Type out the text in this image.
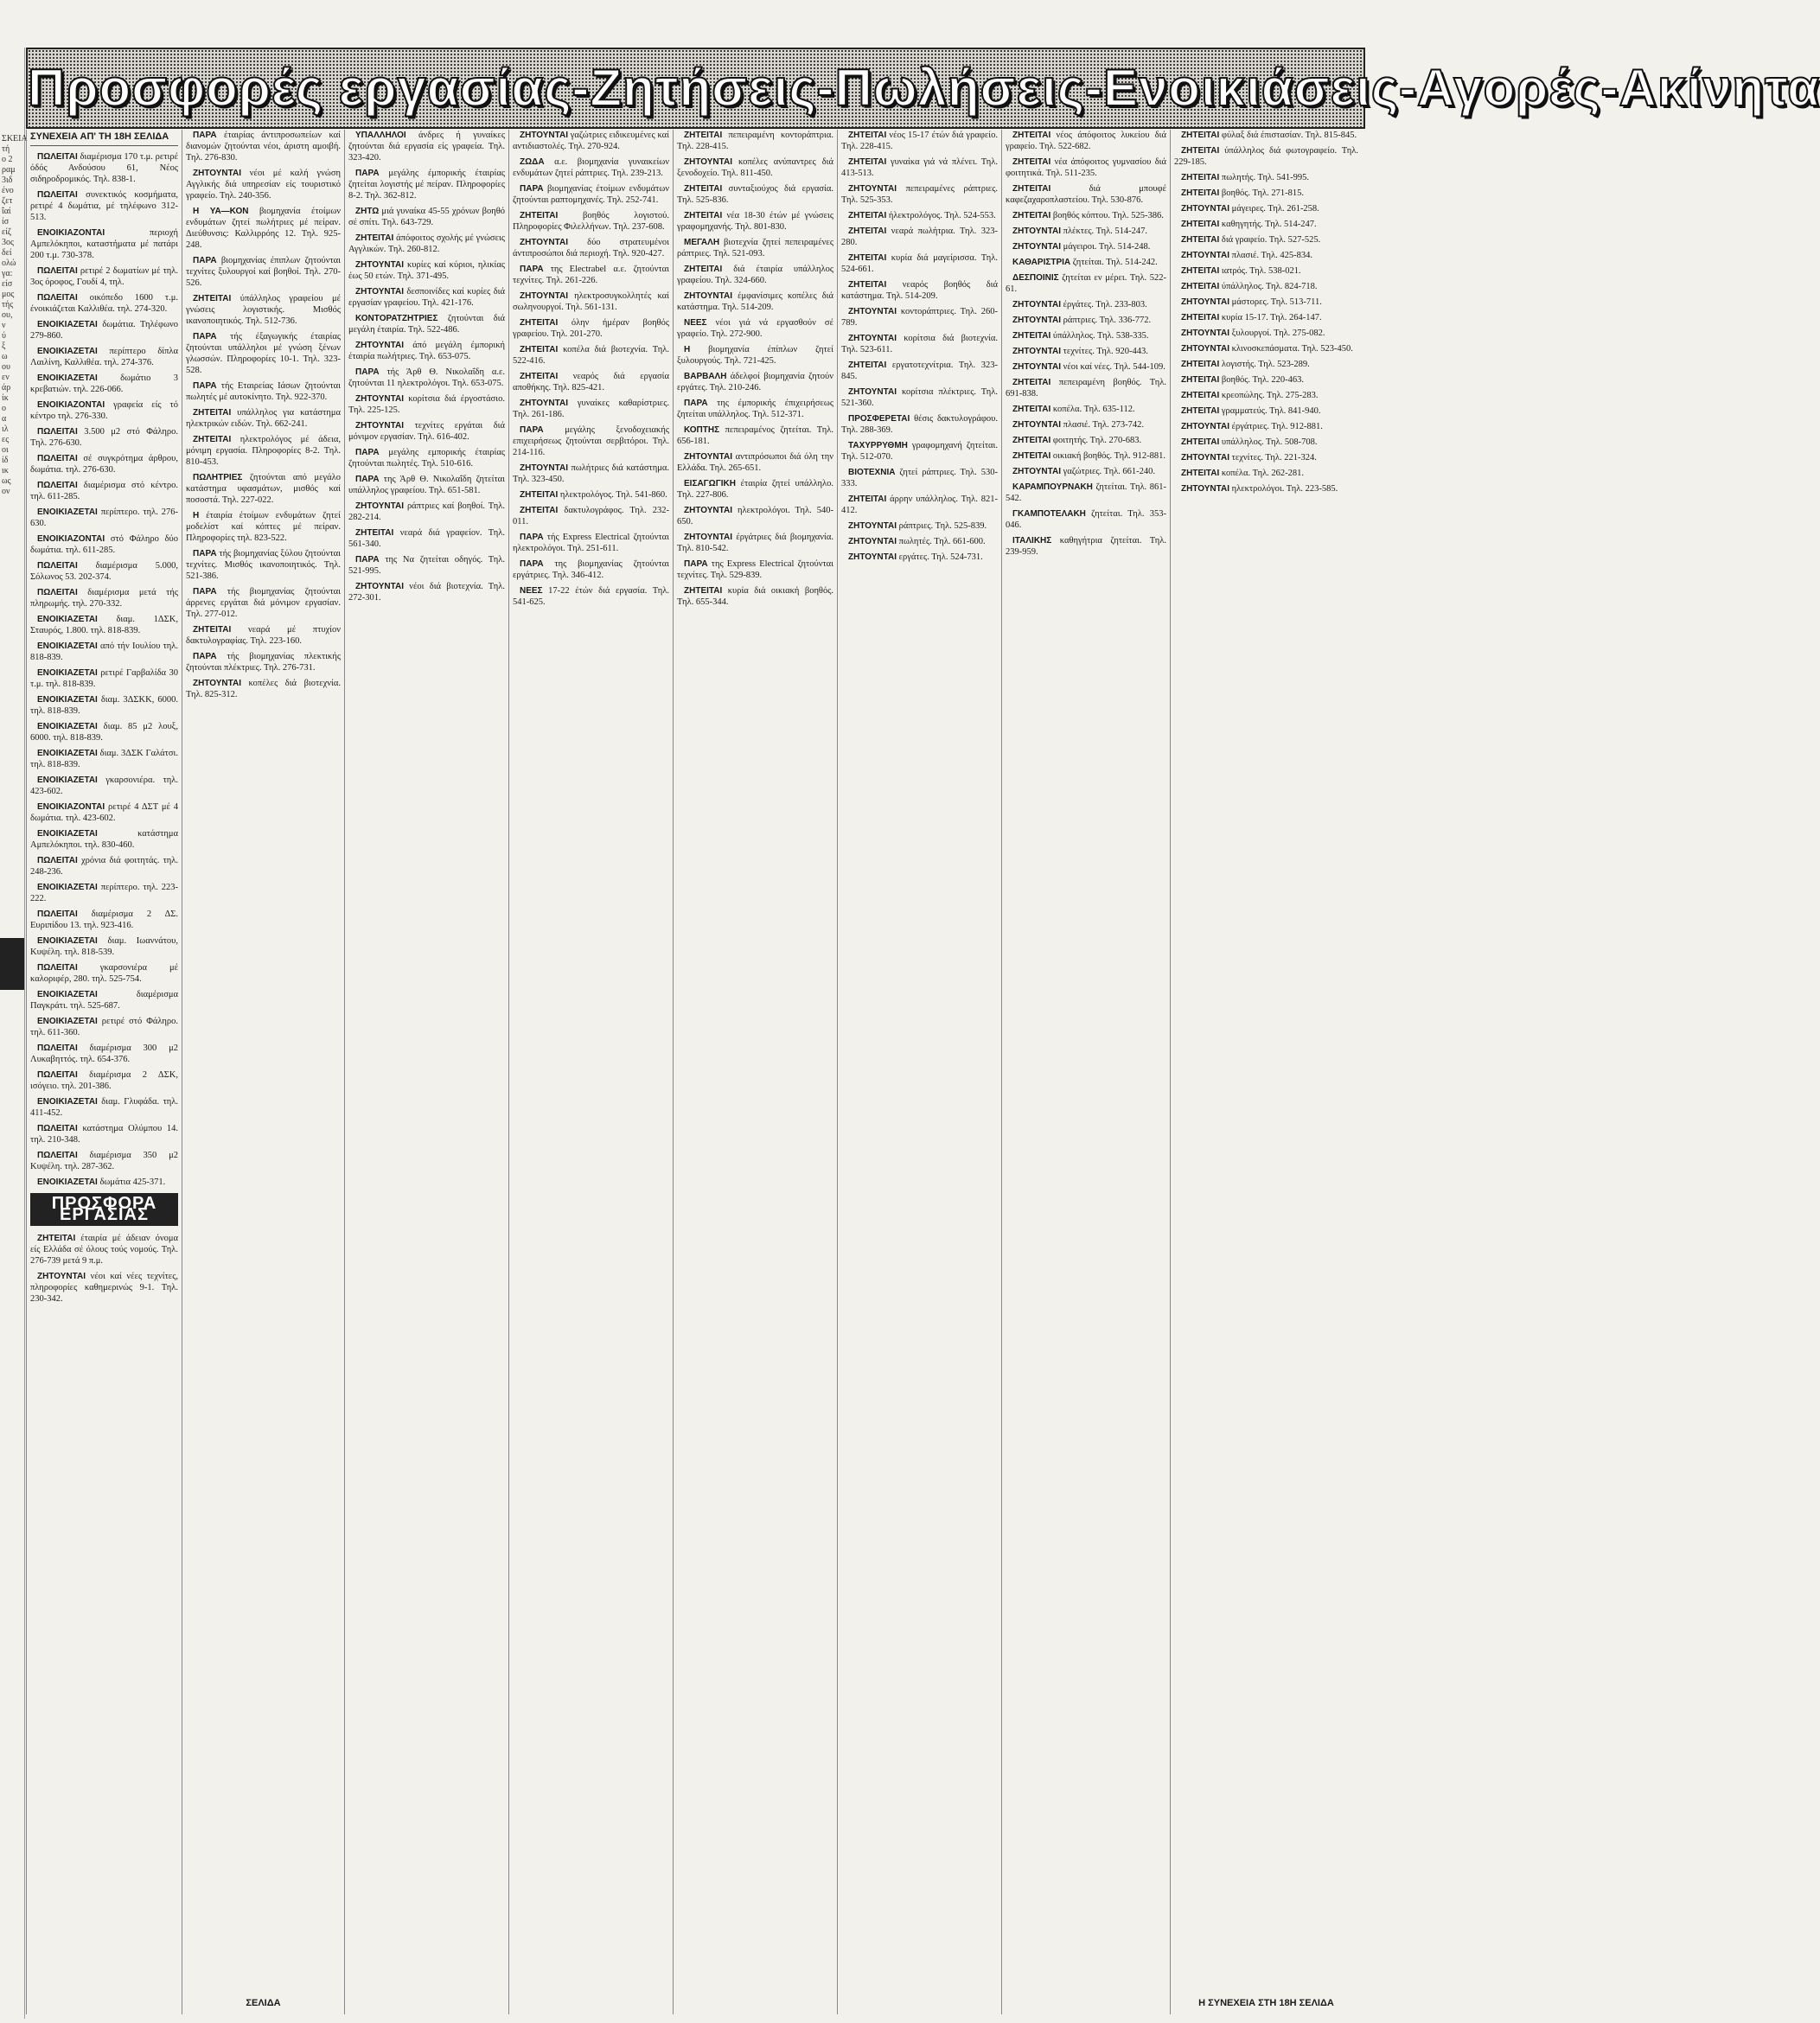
Προσφορές εργασίας-Ζητήσεις-Πωλήσεις-Ενοικιάσεις-Αγορές-Ακίνητα
ΣΚΕΙΑ
τή
ο 2
ραμ
3ιδ
ένο
ζετ
ΐαί
ίσ
είζ
3ος
δεί
ολώ
γα:
είσ
μος
τής
ου,
ν
ύ
ξ
ω
ου
εν
άρ
ίκ
ο
α
ιλ
ες
οι
ίδ
ικ
ως
ον
ΣΥΝΕΧΕΙΑ ΑΠ' ΤΗ 18Η ΣΕΛΙΔΑ

ΠΩΛΕΙΤΑΙ διαμέρισμα 170 τ.μ. ρετιρέ όδός Ανδούσου 61, Νέος σιδηροδρομικός. Τηλ. 838-1.

ΠΩΛΕΙΤΑΙ συνεκτικός κοσμήματα, ρετιρέ 4 δωμάτια, μέ τηλέφωνο 312-513.

ΕΝΟΙΚΙΑΖΟΝΤΑΙ περιοχή Αμπελόκηποι, καταστήματα μέ πατάρι 200 τ.μ. 730-378.

ΠΩΛΕΙΤΑΙ ρετιρέ 2 δωματίων μέ τηλ. 3ος όροφος, Γουδί 4, τηλ.

ΠΩΛΕΙΤΑΙ οικόπεδο 1600 τ.μ. ένοικιάζεται Καλλιθέα. τηλ. 274-320.

ΕΝΟΙΚΙΑΖΕΤΑΙ δωμάτια. Τηλέφωνο 279-860.

ΕΝΟΙΚΙΑΖΕΤΑΙ περίπτερο δίπλα Λαιλίνη, Καλλιθέα. τηλ. 274-376.

ΕΝΟΙΚΙΑΖΕΤΑΙ δωμάτιο 3 κρεβατιών. τηλ. 226-066.

ΕΝΟΙΚΙΑΖΟΝΤΑΙ γραφεία είς τό κέντρο τηλ. 276-330.

ΠΩΛΕΙΤΑΙ 3.500 μ2 στό Φάληρο. Τηλ. 276-630.

ΠΩΛΕΙΤΑΙ σέ συγκρότημα άρθρου, δωμάτια. τηλ. 276-630.

ΠΩΛΕΙΤΑΙ διαμέρισμα στό κέντρο. τηλ. 611-285.

ΕΝΟΙΚΙΑΖΕΤΑΙ περίπτερο. τηλ. 276-630.

ΕΝΟΙΚΙΑΖΟΝΤΑΙ στό Φάληρο δύο δωμάτια. τηλ. 611-285.

ΠΩΛΕΙΤΑΙ διαμέρισμα 5.000, Σόλωνος 53. 202-374.

ΠΩΛΕΙΤΑΙ διαμέρισμα μετά τής πληρωμής. τηλ. 270-332.

ΕΝΟΙΚΙΑΖΕΤΑΙ διαμ. 1ΔΣΚ, Σταυρός, 1.800. τηλ. 818-839.

ΕΝΟΙΚΙΑΖΕΤΑΙ από τήν Ιουλίου τηλ. 818-839.

ΕΝΟΙΚΙΑΖΕΤΑΙ ρετιρέ Γαρβαλίδα 30 τ.μ. τηλ. 818-839.

ΕΝΟΙΚΙΑΖΕΤΑΙ διαμ. 3ΔΣΚΚ, 6000. τηλ. 818-839.

ΕΝΟΙΚΙΑΖΕΤΑΙ διαμ. 85 μ2 λουξ, 6000. τηλ. 818-839.

ΕΝΟΙΚΙΑΖΕΤΑΙ διαμ. 3ΔΣΚ Γαλάτσι. τηλ. 818-839.

ΕΝΟΙΚΙΑΖΕΤΑΙ γκαρσονιέρα. τηλ. 423-602.

ΕΝΟΙΚΙΑΖΟΝΤΑΙ ρετιρέ 4 ΔΣΤ μέ 4 δωμάτια. τηλ. 423-602.

ΕΝΟΙΚΙΑΖΕΤΑΙ κατάστημα Αμπελόκηποι. τηλ. 830-460.

ΠΩΛΕΙΤΑΙ χρόνια διά φοιτητάς. τηλ. 248-236.

ΕΝΟΙΚΙΑΖΕΤΑΙ περίπτερο. τηλ. 223-222.

ΠΩΛΕΙΤΑΙ διαμέρισμα 2 ΔΣ. Ευριπίδου 13. τηλ. 923-416.

ΕΝΟΙΚΙΑΖΕΤΑΙ διαμ. Ιωαννάτου, Κυψέλη. τηλ. 818-539.

ΠΩΛΕΙΤΑΙ γκαρσονιέρα μέ καλοριφέρ, 280. τηλ. 525-754.

ΕΝΟΙΚΙΑΖΕΤΑΙ διαμέρισμα Παγκράτι. τηλ. 525-687.

ΕΝΟΙΚΙΑΖΕΤΑΙ ρετιρέ στό Φάληρο. τηλ. 611-360.

ΠΩΛΕΙΤΑΙ διαμέρισμα 300 μ2 Λυκαβηττός. τηλ. 654-376.

ΠΩΛΕΙΤΑΙ διαμέρισμα 2 ΔΣΚ, ισόγειο. τηλ. 201-386.

ΕΝΟΙΚΙΑΖΕΤΑΙ διαμ. Γλυφάδα. τηλ. 411-452.

ΠΩΛΕΙΤΑΙ κατάστημα Ολύμπου 14. τηλ. 210-348.

ΠΩΛΕΙΤΑΙ διαμέρισμα 350 μ2 Κυψέλη. τηλ. 287-362.

ΕΝΟΙΚΙΑΖΕΤΑΙ δωμάτια 425-371.

ΠΡΟΣΦΟΡΑ ΕΡΓΑΣΙΑΣ

ΖΗΤΕΙΤΑΙ έταιρία μέ άδειαν όνομα είς Ελλάδα σέ όλους τούς νομούς. Τηλ. 276-739 μετά 9 π.μ.

ΖΗΤΟΥΝΤΑΙ νέοι καί νέες τεχνίτες, πληροφορίες καθημερινώς 9-1. Τηλ. 230-342.

ΠΑΡΑ έταιρίας άντιπροσωπείων καί διανομών ζητούνται νέοι, άριστη αμοιβή. Τηλ. 276-830.

ΖΗΤΟΥΝΤΑΙ νέοι μέ καλή γνώση Αγγλικής διά υπηρεσίαν είς τουριστικό γραφείο. Τηλ. 240-356.

Η ΥΑ—ΚΟΝ βιομηχανία έτοίμων ενδυμάτων ζητεί πωλήτριες μέ πείραν. Διεύθυνσις: Καλλιρρόης 12. Τηλ. 925-248.

ΠΑΡΑ βιομηχανίας έπιπλων ζητούνται τεχνίτες ξυλουργοί καί βοηθοί. Τηλ. 270-526.

ΖΗΤΕΙΤΑΙ ύπάλληλος γραφείου μέ γνώσεις λογιστικής. Μισθός ικανοποιητικός. Τηλ. 512-736.

ΠΑΡΑ τής έξαγωγικής έταιρίας ζητούνται υπάλληλοι μέ γνώση ξένων γλωσσών. Πληροφορίες 10-1. Τηλ. 323-528.

ΠΑΡΑ τής Εταιρείας Ιάσων ζητούνται πωλητές μέ αυτοκίνητο. Τηλ. 922-370.

ΖΗΤΕΙΤΑΙ υπάλληλος για κατάστημα ηλεκτρικών ειδών. Τηλ. 662-241.

ΖΗΤΕΙΤΑΙ ηλεκτρολόγος μέ άδεια, μόνιμη εργασία. Πληροφορίες 8-2. Τηλ. 810-453.

ΠΩΛΗΤΡΙΕΣ ζητούνται από μεγάλο κατάστημα υφασμάτων, μισθός καί ποσοστά. Τηλ. 227-022.

Η έταιρία έτοίμων ενδυμάτων ζητεί μοδελίστ καί κόπτες μέ πείραν. Πληροφορίες τηλ. 823-522.

ΠΑΡΑ τής βιομηχανίας ξύλου ζητούνται τεχνίτες. Μισθός ικανοποιητικός. Τηλ. 521-386.

ΠΑΡΑ τής βιομηχανίας ζητούνται άρρενες εργάται διά μόνιμον εργασίαν. Τηλ. 277-012.

ΖΗΤΕΙΤΑΙ νεαρά μέ πτυχίον δακτυλογραφίας. Τηλ. 223-160.

ΠΑΡΑ τής βιομηχανίας πλεκτικής ζητούνται πλέκτριες. Τηλ. 276-731.

ΖΗΤΟΥΝΤΑΙ κοπέλες διά βιοτεχνία. Τηλ. 825-312.

ΣΕΛΙΔΑ

ΥΠΑΛΛΗΛΟΙ άνδρες ή γυναίκες ζητούνται διά εργασία είς γραφεία. Τηλ. 323-420.

ΠΑΡΑ μεγάλης έμπορικής έταιρίας ζητείται λογιστής μέ πείραν. Πληροφορίες 8-2. Τηλ. 362-812.

ΖΗΤΩ μιά γυναίκα 45-55 χρόνων βοηθό σέ σπίτι. Τηλ. 643-729.

ΖΗΤΕΙΤΑΙ άπόφοιτος σχολής μέ γνώσεις Αγγλικών. Τηλ. 260-812.

ΖΗΤΟΥΝΤΑΙ κυρίες καί κύριοι, ηλικίας έως 50 ετών. Τηλ. 371-495.

ΖΗΤΟΥΝΤΑΙ δεσποινίδες καί κυρίες διά εργασίαν γραφείου. Τηλ. 421-176.

ΚΟΝΤΟΡΑΤΖΗΤΡΙΕΣ ζητούνται διά μεγάλη έταιρία. Τηλ. 522-486.

ΖΗΤΟΥΝΤΑΙ άπό μεγάλη έμπορική έταιρία πωλήτριες. Τηλ. 653-075.

ΠΑΡΑ τής Άρθ Θ. Νικολαΐδη α.ε. ζητούνται 11 ηλεκτρολόγοι. Τηλ. 653-075.

ΖΗΤΟΥΝΤΑΙ κορίτσια διά έργοστάσιο. Τηλ. 225-125.

ΖΗΤΟΥΝΤΑΙ τεχνίτες εργάται διά μόνιμον εργασίαν. Τηλ. 616-402.

ΠΑΡΑ μεγάλης εμπορικής έταιρίας ζητούνται πωλητές. Τηλ. 510-616.

ΠΑΡΑ της Άρθ Θ. Νικολαΐδη ζητείται υπάλληλος γραφείου. Τηλ. 651-581.

ΖΗΤΟΥΝΤΑΙ ράπτριες καί βοηθοί. Τηλ. 282-214.

ΖΗΤΕΙΤΑΙ νεαρά διά γραφείον. Τηλ. 561-340.

ΠΑΡΑ της Να ζητείται οδηγός. Τηλ. 521-995.

ΖΗΤΟΥΝΤΑΙ νέοι διά βιοτεχνία. Τηλ. 272-301.

ΖΗΤΟΥΝΤΑΙ γαζώτριες ειδικευμένες καί αντιδιαστολές. Τηλ. 270-924.

ΖΩΔΑ α.ε. βιομηχανία γυναικείων ενδυμάτων ζητεί ράπτριες. Τηλ. 239-213.

ΠΑΡΑ βιομηχανίας έτοίμων ενδυμάτων ζητούνται ραπτομηχανές. Τηλ. 252-741.

ΖΗΤΕΙΤΑΙ βοηθός λογιστού. Πληροφορίες Φιλελλήνων. Τηλ. 237-608.

ΖΗΤΟΥΝΤΑΙ δύο στρατευμένοι άντιπροσώποι διά περιοχή. Τηλ. 920-427.

ΠΑΡΑ της Electrabel α.ε. ζητούνται τεχνίτες. Τηλ. 261-226.

ΖΗΤΟΥΝΤΑΙ ηλεκτροσυγκολλητές καί σωληνουργοί. Τηλ. 561-131.

ΖΗΤΕΙΤΑΙ όλην ήμέραν βοηθός γραφείου. Τηλ. 201-270.

ΖΗΤΕΙΤΑΙ κοπέλα διά βιοτεχνία. Τηλ. 522-416.

ΖΗΤΕΙΤΑΙ νεαρός διά εργασία αποθήκης. Τηλ. 825-421.

ΖΗΤΟΥΝΤΑΙ γυναίκες καθαρίστριες. Τηλ. 261-186.

ΠΑΡΑ μεγάλης ξενοδοχειακής επιχειρήσεως ζητούνται σερβιτόροι. Τηλ. 214-116.

ΖΗΤΟΥΝΤΑΙ πωλήτριες διά κατάστημα. Τηλ. 323-450.

ΖΗΤΕΙΤΑΙ ηλεκτρολόγος. Τηλ. 541-860.

ΖΗΤΕΙΤΑΙ δακτυλογράφος. Τηλ. 232-011.

ΠΑΡΑ τής Express Electrical ζητούνται ηλεκτρολόγοι. Τηλ. 251-611.

ΠΑΡΑ της βιομηχανίας ζητούνται εργάτριες. Τηλ. 346-412.

ΝΕΕΣ 17-22 έτών διά εργασία. Τηλ. 541-625.

ΖΗΤΕΙΤΑΙ πεπειραμένη κοντοράπτρια. Τηλ. 228-415.

ΖΗΤΟΥΝΤΑΙ κοπέλες ανύπαντρες διά ξενοδοχείο. Τηλ. 811-450.

ΖΗΤΕΙΤΑΙ συνταξιούχος διά εργασία. Τηλ. 525-836.

ΖΗΤΕΙΤΑΙ νέα 18-30 έτών μέ γνώσεις γραφομηχανής. Τηλ. 801-830.

ΜΕΓΑΛΗ βιοτεχνία ζητεί πεπειραμένες ράπτριες. Τηλ. 521-093.

ΖΗΤΕΙΤΑΙ διά έταιρία υπάλληλος γραφείου. Τηλ. 324-660.

ΖΗΤΟΥΝΤΑΙ έμφανίσιμες κοπέλες διά κατάστημα. Τηλ. 514-209.

ΝΕΕΣ νέοι γιά νά εργασθούν σέ γραφείο. Τηλ. 272-900.

Η βιομηχανία έπίπλων ζητεί ξυλουργούς. Τηλ. 721-425.

ΒΑΡΒΑΛΗ άδελφοί βιομηχανία ζητούν εργάτες. Τηλ. 210-246.

ΠΑΡΑ της έμπορικής έπιχειρήσεως ζητείται υπάλληλος. Τηλ. 512-371.

ΚΟΠΤΗΣ πεπειραμένος ζητείται. Τηλ. 656-181.

ΖΗΤΟΥΝΤΑΙ αντιπρόσωποι διά όλη την Ελλάδα. Τηλ. 265-651.

ΕΙΣΑΓΩΓΙΚΗ έταιρία ζητεί υπάλληλο. Τηλ. 227-806.

ΖΗΤΟΥΝΤΑΙ ηλεκτρολόγοι. Τηλ. 540-650.

ΖΗΤΟΥΝΤΑΙ έργάτριες διά βιομηχανία. Τηλ. 810-542.

ΠΑΡΑ της Express Electrical ζητούνται τεχνίτες. Τηλ. 529-839.

ΖΗΤΕΙΤΑΙ κυρία διά οικιακή βοηθός. Τηλ. 655-344.

ΖΗΤΕΙΤΑΙ νέος 15-17 έτών διά γραφείο. Τηλ. 228-415.

ΖΗΤΕΙΤΑΙ γυναίκα γιά νά πλένει. Τηλ. 413-513.

ΖΗΤΟΥΝΤΑΙ πεπειραμένες ράπτριες. Τηλ. 525-353.

ΖΗΤΕΙΤΑΙ ήλεκτρολόγος. Τηλ. 524-553.

ΖΗΤΕΙΤΑΙ νεαρά πωλήτρια. Τηλ. 323-280.

ΖΗΤΕΙΤΑΙ κυρία διά μαγείρισσα. Τηλ. 524-661.

ΖΗΤΕΙΤΑΙ νεαρός βοηθός διά κατάστημα. Τηλ. 514-209.

ΖΗΤΟΥΝΤΑΙ κοντοράπτριες. Τηλ. 260-789.

ΖΗΤΟΥΝΤΑΙ κορίτσια διά βιοτεχνία. Τηλ. 523-611.

ΖΗΤΕΙΤΑΙ εργατοτεχνίτρια. Τηλ. 323-845.

ΖΗΤΟΥΝΤΑΙ κορίτσια πλέκτριες. Τηλ. 521-360.

ΠΡΟΣΦΕΡΕΤΑΙ θέσις δακτυλογράφου. Τηλ. 288-369.

ΤΑΧΥΡΡΥΘΜΗ γραφομηχανή ζητείται. Τηλ. 512-070.

ΒΙΟΤΕΧΝΙΑ ζητεί ράπτριες. Τηλ. 530-333.

ΖΗΤΕΙΤΑΙ άρρην υπάλληλος. Τηλ. 821-412.

ΖΗΤΟΥΝΤΑΙ ράπτριες. Τηλ. 525-839.

ΖΗΤΟΥΝΤΑΙ πωλητές. Τηλ. 661-600.

ΖΗΤΟΥΝΤΑΙ εργάτες. Τηλ. 524-731.

ΖΗΤΕΙΤΑΙ νέος άπόφοιτος λυκείου διά γραφείο. Τηλ. 522-682.

ΖΗΤΕΙΤΑΙ νέα άπόφοιτος γυμνασίου διά φοιτητικά. Τηλ. 511-235.

ΖΗΤΕΙΤΑΙ διά μπουφέ καφεζαχαροπλαστείου. Τηλ. 530-876.

ΖΗΤΕΙΤΑΙ βοηθός κόπτου. Τηλ. 525-386.

ΖΗΤΟΥΝΤΑΙ πλέκτες. Τηλ. 514-247.

ΖΗΤΟΥΝΤΑΙ μάγειροι. Τηλ. 514-248.

ΚΑΘΑΡΙΣΤΡΙΑ ζητείται. Τηλ. 514-242.

ΔΕΣΠΟΙΝΙΣ ζητείται εν μέρει. Τηλ. 522-61.

ΖΗΤΟΥΝΤΑΙ έργάτες. Τηλ. 233-803.

ΖΗΤΟΥΝΤΑΙ ράπτριες. Τηλ. 336-772.

ΖΗΤΕΙΤΑΙ ύπάλληλος. Τηλ. 538-335.

ΖΗΤΟΥΝΤΑΙ τεχνίτες. Τηλ. 920-443.

ΖΗΤΟΥΝΤΑΙ νέοι καί νέες. Τηλ. 544-109.

ΖΗΤΕΙΤΑΙ πεπειραμένη βοηθός. Τηλ. 691-838.

ΖΗΤΕΙΤΑΙ κοπέλα. Τηλ. 635-112.

ΖΗΤΟΥΝΤΑΙ πλασιέ. Τηλ. 273-742.

ΖΗΤΕΙΤΑΙ φοιτητής. Τηλ. 270-683.

ΖΗΤΕΙΤΑΙ οικιακή βοηθός. Τηλ. 912-881.

ΖΗΤΟΥΝΤΑΙ γαζώτριες. Τηλ. 661-240.

ΚΑΡΑΜΠΟΥΡΝΑΚΗ ζητείται. Τηλ. 861-542.

ΓΚΑΜΠΟΤΕΛΑΚΗ ζητείται. Τηλ. 353-046.

ΙΤΑΛΙΚΗΣ καθηγήτρια ζητείται. Τηλ. 239-959.

ΖΗΤΕΙΤΑΙ φύλαξ διά έπιστασίαν. Τηλ. 815-845.

ΖΗΤΕΙΤΑΙ ύπάλληλος διά φωτογραφείο. Τηλ. 229-185.

ΖΗΤΕΙΤΑΙ πωλητής. Τηλ. 541-995.

ΖΗΤΕΙΤΑΙ βοηθός. Τηλ. 271-815.

ΖΗΤΟΥΝΤΑΙ μάγειρες. Τηλ. 261-258.

ΖΗΤΕΙΤΑΙ καθηγητής. Τηλ. 514-247.

ΖΗΤΕΙΤΑΙ διά γραφείο. Τηλ. 527-525.

ΖΗΤΟΥΝΤΑΙ πλασιέ. Τηλ. 425-834.

ΖΗΤΕΙΤΑΙ ιατρός. Τηλ. 538-021.

ΖΗΤΕΙΤΑΙ ύπάλληλος. Τηλ. 824-718.

ΖΗΤΟΥΝΤΑΙ μάστορες. Τηλ. 513-711.

ΖΗΤΕΙΤΑΙ κυρία 15-17. Τηλ. 264-147.

ΖΗΤΟΥΝΤΑΙ ξυλουργοί. Τηλ. 275-082.

ΖΗΤΟΥΝΤΑΙ κλινοσκεπάσματα. Τηλ. 523-450.

ΖΗΤΕΙΤΑΙ λογιστής. Τηλ. 523-289.

ΖΗΤΕΙΤΑΙ βοηθός. Τηλ. 220-463.

ΖΗΤΕΙΤΑΙ κρεοπώλης. Τηλ. 275-283.

ΖΗΤΕΙΤΑΙ γραμματεύς. Τηλ. 841-940.

ΖΗΤΟΥΝΤΑΙ έργάτριες. Τηλ. 912-881.

ΖΗΤΕΙΤΑΙ υπάλληλος. Τηλ. 508-708.

ΖΗΤΟΥΝΤΑΙ τεχνίτες. Τηλ. 221-324.

ΖΗΤΕΙΤΑΙ κοπέλα. Τηλ. 262-281.

ΖΗΤΟΥΝΤΑΙ ηλεκτρολόγοι. Τηλ. 223-585.

Η ΣΥΝΕΧΕΙΑ ΣΤΗ 18Η ΣΕΛΙΔΑ
